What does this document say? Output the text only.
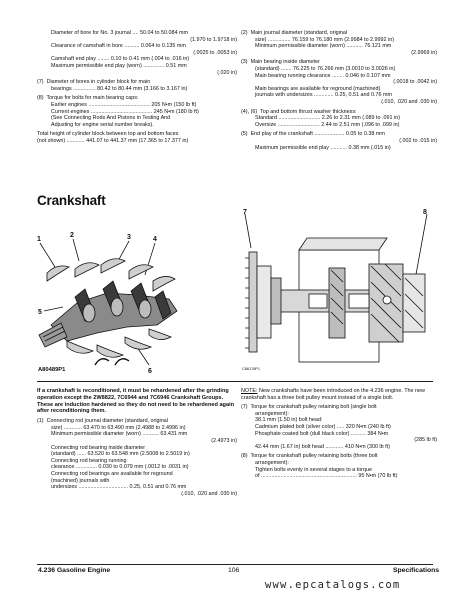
Diameter of bore for No. 3 journal .... 50.04 to 50.084 mm
(1.970 to 1.9718 in)
Clearance of camshaft in bore .......... 0.064 to 0.135 mm
(.0025 to .0053 in)
Camshaft end play ........ 0.10 to 0.41 mm (.004 to .016 in)
Maximum permissible end play (worn) .............. 0.51 mm
(.020 in)
(7)  Diameter of bores in cylinder block for main
bearings ............... 80.42 to 80.44 mm (3.166 to 3.167 in)
(8)  Torque for bolts for main bearing caps:
Earlier engines ......................................... 205 N•m (150 lb ft)
Current engines ......................................... 245 N•m (180 lb ft)
(See Connecting Rods And Pistons in Testing And
Adjusting for engine serial number breaks).
Total height of cylinder block between top and bottom faces
(not shown) ............ 441.07 to 441.37 mm (17.365 to 17.377 in)
(2)  Main journal diameter (standard, original
size) ............... 76.159 to 76.180 mm (2.9984 to 2.9992 in)
Minimum permissible diameter (worn) ........... 76.121 mm
(2.9969 in)
(3)  Main bearing inside diameter
(standard) ....... 76.225 to 76.266 mm (3.0010 to 3.0026 in)
Main bearing running clearance ........ 0.046 to 0.107 mm
(.0018 to .0042 in)
Main bearings are available for reground (machined)
journals with undersizes ............. 0.25, 0.51 and 0.76 mm
(.010, .020 and .030 in)
(4), (6)  Top and bottom thrust washer thickness:
Standard ............................ 2.26 to 2.31 mm (.089 to .091 in)
Oversize ............................ 2.44 to 2.51 mm (.096 to .099 in)
(5)  End play of the crankshaft .................... 0.05 to 0.38 mm
(.002 to .015 in)
Maximum permissible end play ........... 0.38 mm (.015 in)
Crankshaft
1
2	3	4
5
6
7	8
A80489P1	C86176P1
If a crankshaft is reconditioned, it must be rehardened after the grinding operation except the 2W8822, 7C6944 and 7C6946 Crankshaft Groups. These are induction hardened so they do not need to be rehardened again after reconditioning them.
(1)  Connecting rod journal diameter (standard, original
size) ............ 63.470 to 63.490 mm (2.4988 to 2.4996 in)
Minimum permissible diameter (worn) ........... 63.431 mm
(2.4973 in)
Connecting rod bearing inside diameter
(standard) ...... 63.520 to 63.548 mm (2.5008 to 2.5019 in)
Connecting rod bearing running
clearance .............. 0.030 to 0.079 mm (.0012 to .0031 in)
Connecting rod bearings are available for reground
(machined) journals with
undersizes ................................. 0.25, 0.51 and 0.76 mm
(.010, .020 and .030 in)
NOTE: New crankshafts have been introduced on the 4.236 engine. The new crankshaft has a three bolt pulley mount instead of a single bolt.
(7)  Torque for crankshaft pulley retaining bolt (single bolt
arrangement):
38.1 mm (1.50 in) bolt head:
Cadmium plated bolt (silver color) ..... 320 N•m (240 lb ft)
Phosphate coated bolt (dull black color) .......... 384 N•m
(285 lb ft)
42.44 mm (1.67 in) bolt head ............ 410 N•m (300 lb ft)
(8)  Torque for crankshaft pulley retaining bolts (three bolt
arrangement):
Tighten bolts evenly in several stages to a torque
of ................................................................ 95 N•m (70 lb ft)
4.236 Gasoline Engine	106	Specifications
www.epcatalogs.com
